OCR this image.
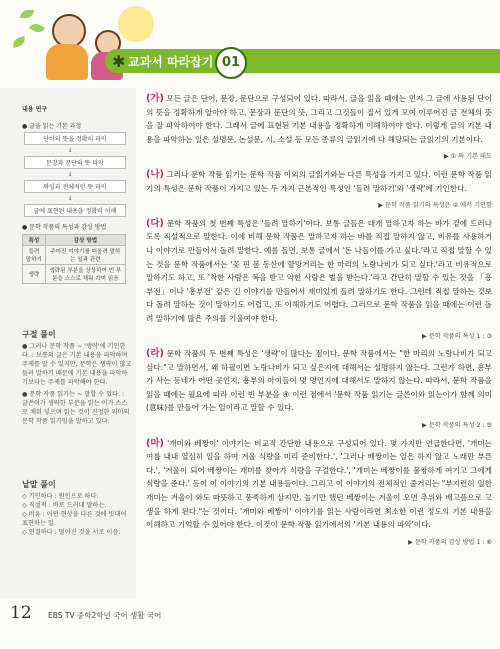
✱ 교과서 따라잡기 01
내용 연구
● 글을 읽는 기본 과정
단어의 뜻을 정확히 파악
↓
문장과 문단의 뜻 파악
↓
짜임과 전체적인 뜻 파악
↓
글에 표현된 내용을 정확히 이해
● 문학 작품의 특성과 감상 방법
특성	감상 방법
들려 말하기	주어진 이야기를 떠올려 말하는 일과 관련
생략	생략된 부분을 상상하여 빈 부분을 스스로 채워 가며 읽음
구절 풀이
● 그러나 문학 작품 ~ '생략'에 기인한다. : 보통의 글은 기본 내용을 파악하며 주제를 알 수 있지만, 문학은 생략이 많고 들려 말하기 때문에 기본 내용을 파악하기보다는 주제를 파악해야 한다.
● 문학 작품 읽기는 ~ 말할 수 있다. : 글쓴이가 생략한 부분을 읽는 이가 스스로 채워 넣으며 읽는 것이 진정한 의미의 문학 작품 읽기임을 말하고 있다.
낱말 풀이
◇ 기인하다 : 원인으로 하다.
◇ 직설적 : 바로 드러내 말하는.
◇ 비유 : 어떤 현상을 다른 것에 빗대어 표현하는 일.
◇ 연결하다 : 떨어진 것을 서로 이음.

(가) 모든 글은 단어, 문장, 문단으로 구성되어 있다. 따라서, 글을 읽을 때에는 먼저 그 글에 사용된 단어의 뜻을 정확하게 알아야 하고, 문장과 문단의 뜻, 그리고 그것들이 질서 있게 모여 이루어진 글 전체의 뜻을 잘 파악하여야 한다. 그래서 글에 표현된 기본 내용을 정확하게 이해하여야 한다. 이렇게 글의 기본 내용을 파악하는 일은 설명문, 논설문, 시, 소설 등 모든 종류의 글읽기에 다 해당되는 글읽기의 기본이다.

▶ ① 의 기본 태도

(나) 그러나 문학 작품 읽기는 문학 작품 이외의 글읽기와는 다른 특성을 가지고 있다. 이런 문학 작품 읽기의 특성은 문학 작품이 가지고 있는 두 가지 근본적인 특성인 '들려 말하기'와 '생략'에 기인한다.

▶ 문학 작품 읽기의 특성은 ② 에서 기인함

(다) 문학 작품의 첫 번째 특성은 '들려 말하기'이다. 보통 글들은 대개 말하고자 하는 바가 겉에 드러나도록 직설적으로 말한다. 이에 비해 문학 작품은 말하고자 하는 바를 직접 말하지 않고, 비유를 사용하거나 이야기로 만들어서 돌려 말한다. 예를 들면, 보통 글에서 '돈 나들이를 가고 싶다.'라고 직접 말할 수 있는 것을 문학 작품에서는 '꽃 핀 봄 동산에 할망거리는 한 마리의 노랑나비가 되고 싶다.'라고 비유적으로 말하기도 하고, 또 '착한 사람은 복을 받고 악한 사람은 벌을 받는다.'라고 간단히 말할 수 있는 것을 「흥부전」이나 '흥부전' 같은 긴 이야기를 만들어서 재미있게 들려 말하기도 한다. 그런데 직접 말하는 것보다 돌려 말하는 것이 말하기도 어렵고, 또 이해하기도 어렵다. 그러므로 문학 작품을 읽을 때에는 이런 돌려 말하기에 많은 주의를 기울여야 한다.

▶ 문학 작품의 특성 1 : ③

(라) 문학 작품의 두 번째 특성은 '생략'이 많다는 점이다. 문학 작품에서는 "한 마리의 노랑나비가 되고 싶다."고 말하면서, 왜 하필이면 노랑나비가 되고 싶은지에 대해서는 설명하지 않는다. 그런가 하면, 흥부가 사는 동네가 어떤 곳인지, 흥부의 아이들이 몇 명인지에 대해서도 말하지 않는다. 따라서, 문학 작품을 읽을 때에는 필요에 따라 이런 빈 부분을 ④ 이런 점에서 '문학 작품 읽기는 글쓴이와 읽는이가 함께 의미(意味)를 만들어 가는 일이라고 말할 수 있다.

▶ 문학 작품의 특성 2 : ⑤

(마) '개미와 베짱이' 이야기는 비교적 간단한 내용으로 구성되어 있다. 몇 가지만 언급한다면, '개미는 여름 내내 열심히 일을 하여 겨울 식량을 미리 준비한다.', '그러나 베짱이는 일은 하지 않고 노래만 부른다.', '겨울이 되어 베짱이는 개미를 찾아가 식량을 구걸한다.', '개미는 베짱이를 불쌍하게 여기고 그에게 식량을 준다.' 등이 이 이야기의 기본 내용들이다. 그리고 이 이야기의 전체적인 줄거리는 "부지런히 일한 개미는 겨울이 와도 따뜻하고 풍족하게 살지만, 놀기만 했던 베짱이는 겨울이 오면 추위와 배고픔으로 고생을 하게 된다."는 것이다. '개미와 베짱이' 이야기를 읽는 사람이라면 최소한 이런 정도의 기본 내용을 이해하고 기억할 수 있어야 한다. 이것이 문학 작품 읽기에서의 '기본 내용의 파악'이다.

▶ 문학 작품의 감상 방법 1 : ⑥
12 EBS TV 중학2학년 국어 생활 국어
